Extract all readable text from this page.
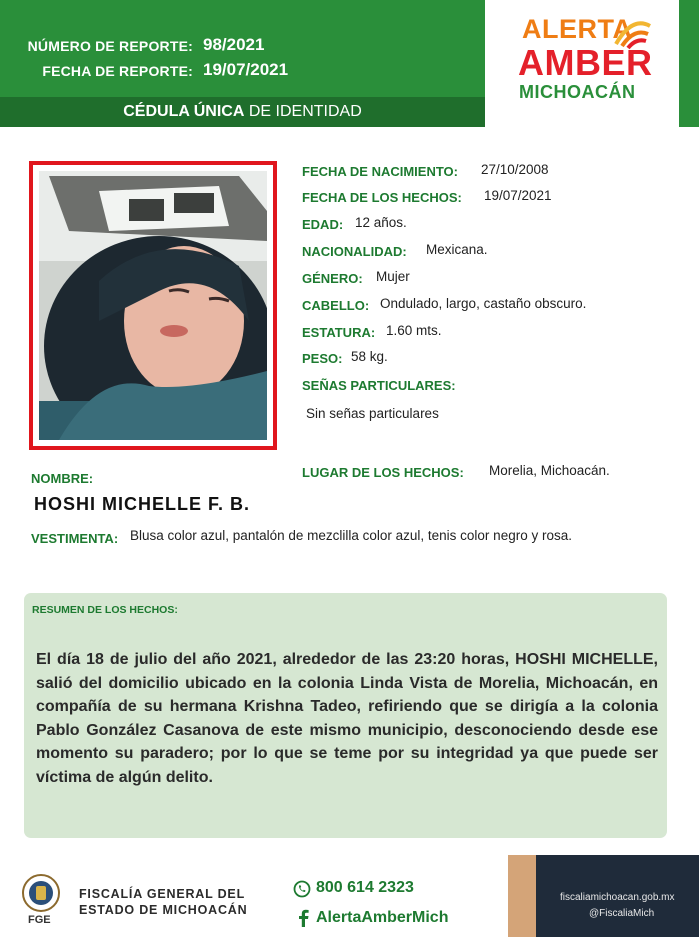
NÚMERO DE REPORTE: 98/2021
FECHA DE REPORTE: 19/07/2021
CÉDULA ÚNICA DE IDENTIDAD
ALERTA
AMBER
MICHOACÁN
FECHA DE NACIMIENTO: 27/10/2008
FECHA DE LOS HECHOS: 19/07/2021
EDAD: 12 años.
NACIONALIDAD: Mexicana.
GÉNERO: Mujer
CABELLO: Ondulado, largo, castaño obscuro.
ESTATURA: 1.60 mts.
PESO: 58 kg.
SEÑAS PARTICULARES:
Sin señas particulares
LUGAR DE LOS HECHOS: Morelia, Michoacán.
NOMBRE:
HOSHI MICHELLE F. B.
VESTIMENTA: Blusa color azul, pantalón de mezclilla color azul, tenis color negro y rosa.
RESUMEN DE LOS HECHOS:

El día 18 de julio del año 2021, alrededor de las 23:20 horas, HOSHI MICHELLE, salió del domicilio ubicado en la colonia Linda Vista de Morelia, Michoacán, en compañía de su hermana Krishna Tadeo, refiriendo que se dirigía a la colonia Pablo González Casanova de este mismo municipio, desconociendo desde ese momento su paradero; por lo que se teme por su integridad ya que puede ser víctima de algún delito.

FGE
FISCALÍA GENERAL DEL
ESTADO DE MICHOACÁN
800 614 2323
AlertaAmberMich
fiscaliamichoacan.gob.mx
@FiscaliaMich
